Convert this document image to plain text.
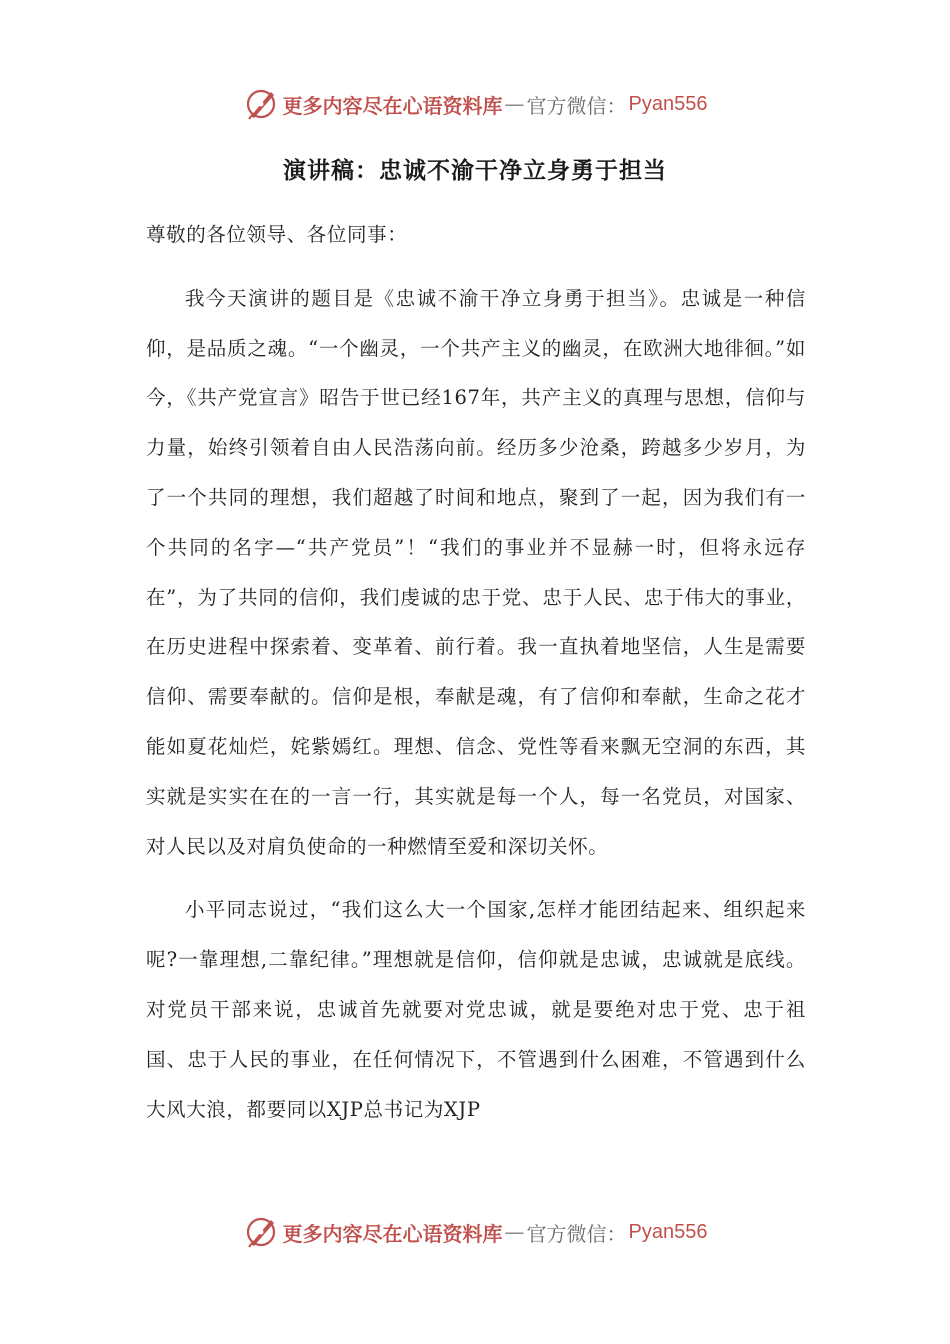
更多内容尽在心语资料库 — 官方微信： Pyan556
演讲稿：忠诚不渝干净立身勇于担当

尊敬的各位领导、各位同事：

我今天演讲的题目是《忠诚不渝干净立身勇于担当》。忠诚是一种信仰，是品质之魂。“一个幽灵，一个共产主义的幽灵，在欧洲大地徘徊。”如今，《共产党宣言》昭告于世已经167年，共产主义的真理与思想，信仰与力量，始终引领着自由人民浩荡向前。经历多少沧桑，跨越多少岁月，为了一个共同的理想，我们超越了时间和地点，聚到了一起，因为我们有一个共同的名字—“共产党员”！“我们的事业并不显赫一时，但将永远存在”，为了共同的信仰，我们虔诚的忠于党、忠于人民、忠于伟大的事业，在历史进程中探索着、变革着、前行着。我一直执着地坚信，人生是需要信仰、需要奉献的。信仰是根，奉献是魂，有了信仰和奉献，生命之花才能如夏花灿烂，姹紫嫣红。理想、信念、党性等看来飘无空洞的东西，其实就是实实在在的一言一行，其实就是每一个人，每一名党员，对国家、对人民以及对肩负使命的一种燃情至爱和深切关怀。

小平同志说过，“我们这么大一个国家,怎样才能团结起来、组织起来呢?一靠理想,二靠纪律。”理想就是信仰，信仰就是忠诚，忠诚就是底线。对党员干部来说，忠诚首先就要对党忠诚，就是要绝对忠于党、忠于祖国、忠于人民的事业，在任何情况下，不管遇到什么困难，不管遇到什么大风大浪，都要同以XJP总书记为XJP

更多内容尽在心语资料库 — 官方微信： Pyan556
